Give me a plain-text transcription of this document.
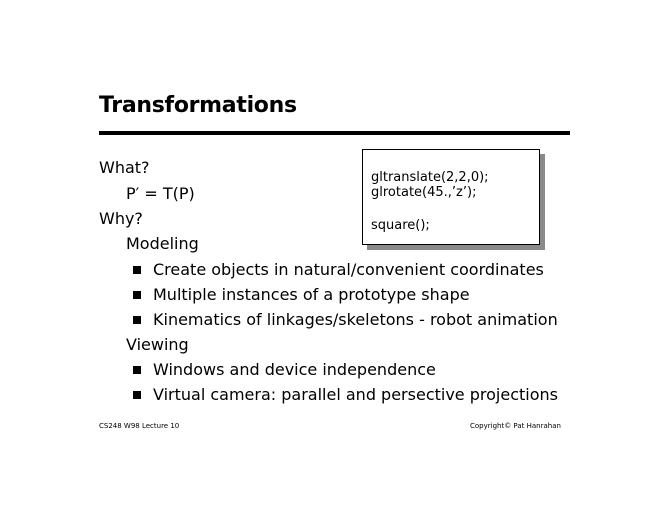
Transformations
What?
P′ = T(P)
Why?
Modeling
Create objects in natural/convenient coordinates
Multiple instances of a prototype shape
Kinematics of linkages/skeletons - robot animation
Viewing
Windows and device independence
Virtual camera: parallel and persective projections
gltranslate(2,2,0);
glrotate(45.,’z’);
square();
CS248 W98 Lecture 10	Copyright© Pat Hanrahan
